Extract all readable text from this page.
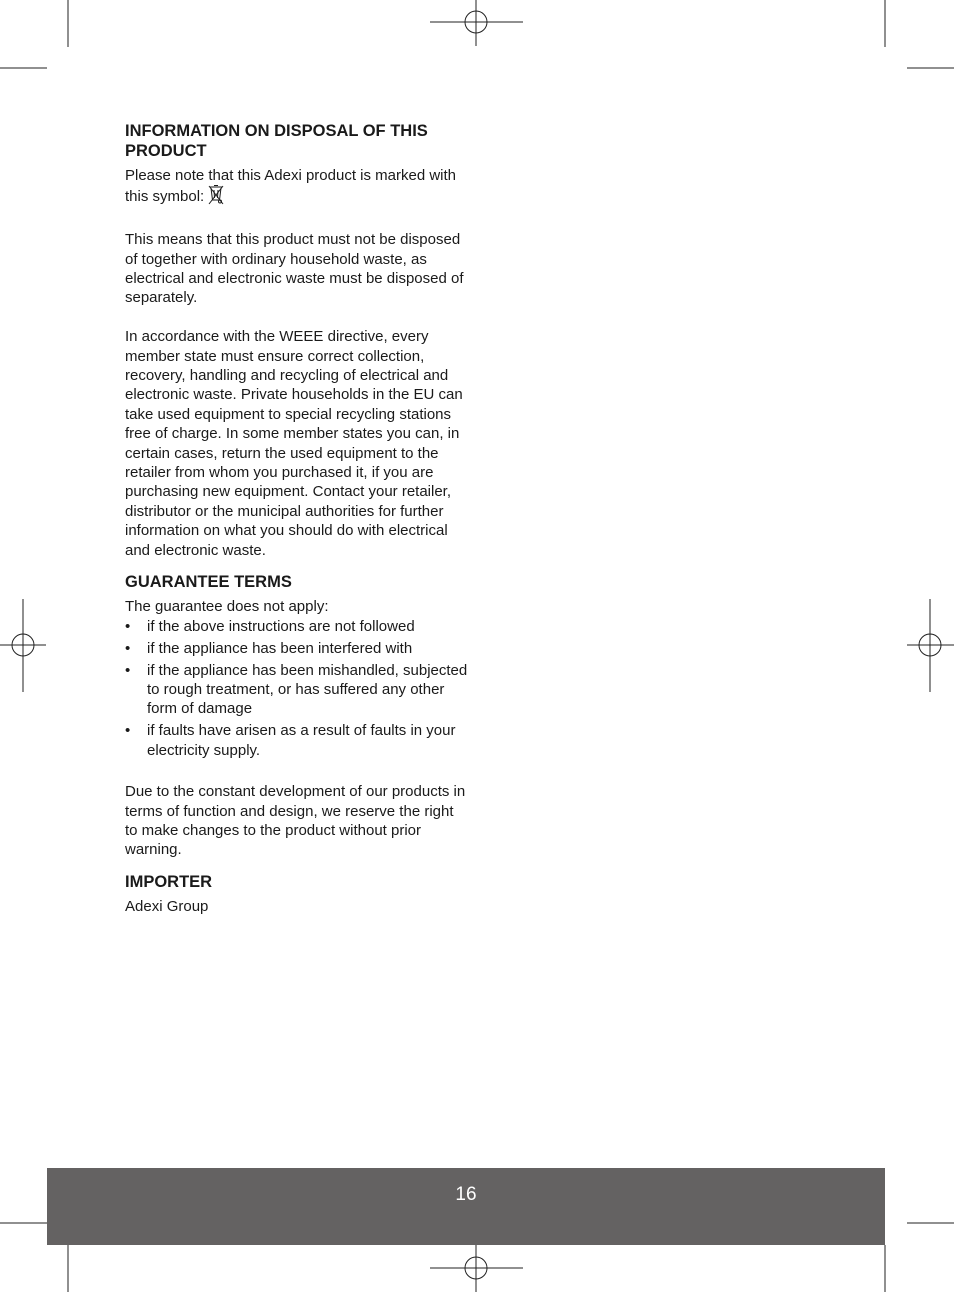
INFORMATION ON DISPOSAL OF THIS PRODUCT

Please note that this Adexi product is marked with this symbol:

This means that this product must not be disposed of together with ordinary household waste, as electrical and electronic waste must be disposed of separately.

In accordance with the WEEE directive, every member state must ensure correct collection, recovery, handling and recycling of electrical and electronic waste. Private households in the EU can take used equipment to special recycling stations free of charge. In some member states you can, in certain cases, return the used equipment to the retailer from whom you purchased it, if you are purchasing new equipment. Contact your retailer, distributor or the municipal authorities for further information on what you should do with electrical and electronic waste.

GUARANTEE TERMS

The guarantee does not apply:

• if the above instructions are not followed
• if the appliance has been interfered with
• if the appliance has been mishandled, subjected to rough treatment, or has suffered any other form of damage
• if faults have arisen as a result of faults in your electricity supply.

Due to the constant development of our products in terms of function and design, we reserve the right to make changes to the product without prior warning.

IMPORTER

Adexi Group

16
